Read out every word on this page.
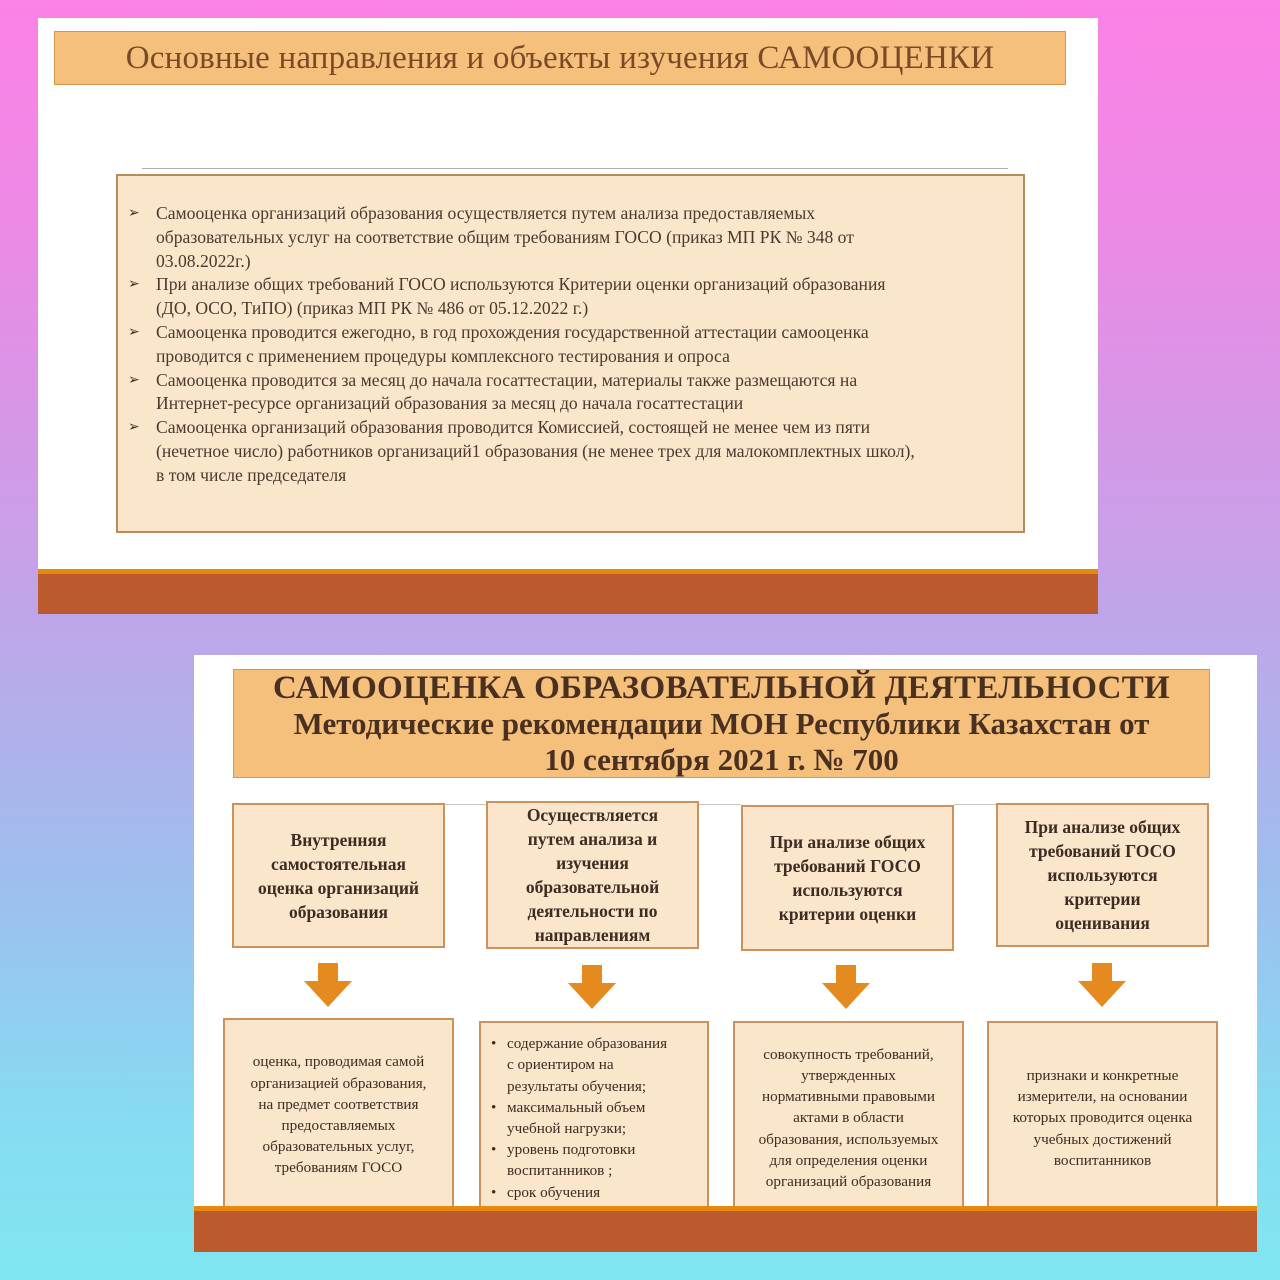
Основные направления и объекты изучения САМООЦЕНКИ
➢ Самооценка организаций образования осуществляется путем анализа предоставляемых
образовательных услуг на соответствие общим требованиям ГОСО (приказ МП РК № 348 от
03.08.2022г.)
➢ При анализе общих требований ГОСО используются Критерии оценки организаций образования
(ДО, ОСО, ТиПО) (приказ МП РК № 486 от 05.12.2022 г.)
➢ Самооценка проводится ежегодно, в год прохождения государственной аттестации самооценка
проводится с применением процедуры комплексного тестирования и опроса
➢ Самооценка проводится за месяц до начала госаттестации, материалы также размещаются на
Интернет-ресурсе организаций образования за месяц до начала госаттестации
➢ Самооценка организаций образования проводится Комиссией, состоящей не менее чем из пяти
(нечетное число) работников организаций1 образования (не менее трех для малокомплектных школ),
в том числе председателя
САМООЦЕНКА ОБРАЗОВАТЕЛЬНОЙ ДЕЯТЕЛЬНОСТИ
Методические рекомендации МОН Республики Казахстан от
10 сентября 2021 г. № 700
Внутренняя
самостоятельная
оценка организаций
образования
оценка, проводимая самой
организацией образования,
на предмет соответствия
предоставляемых
образовательных услуг,
требованиям ГОСО
Осуществляется
путем анализа и
изучения
образовательной
деятельности по
направлениям
• содержание образования
с ориентиром на
результаты обучения;
• максимальный объем
учебной нагрузки;
• уровень подготовки
воспитанников ;
• срок обучения
При анализе общих
требований ГОСО
используются
критерии оценки
совокупность требований,
утвержденных
нормативными правовыми
актами в области
образования, используемых
для определения оценки
организаций образования
При анализе общих
требований ГОСО
используются
критерии
оценивания
признаки и конкретные
измерители, на основании
которых проводится оценка
учебных достижений
воспитанников
